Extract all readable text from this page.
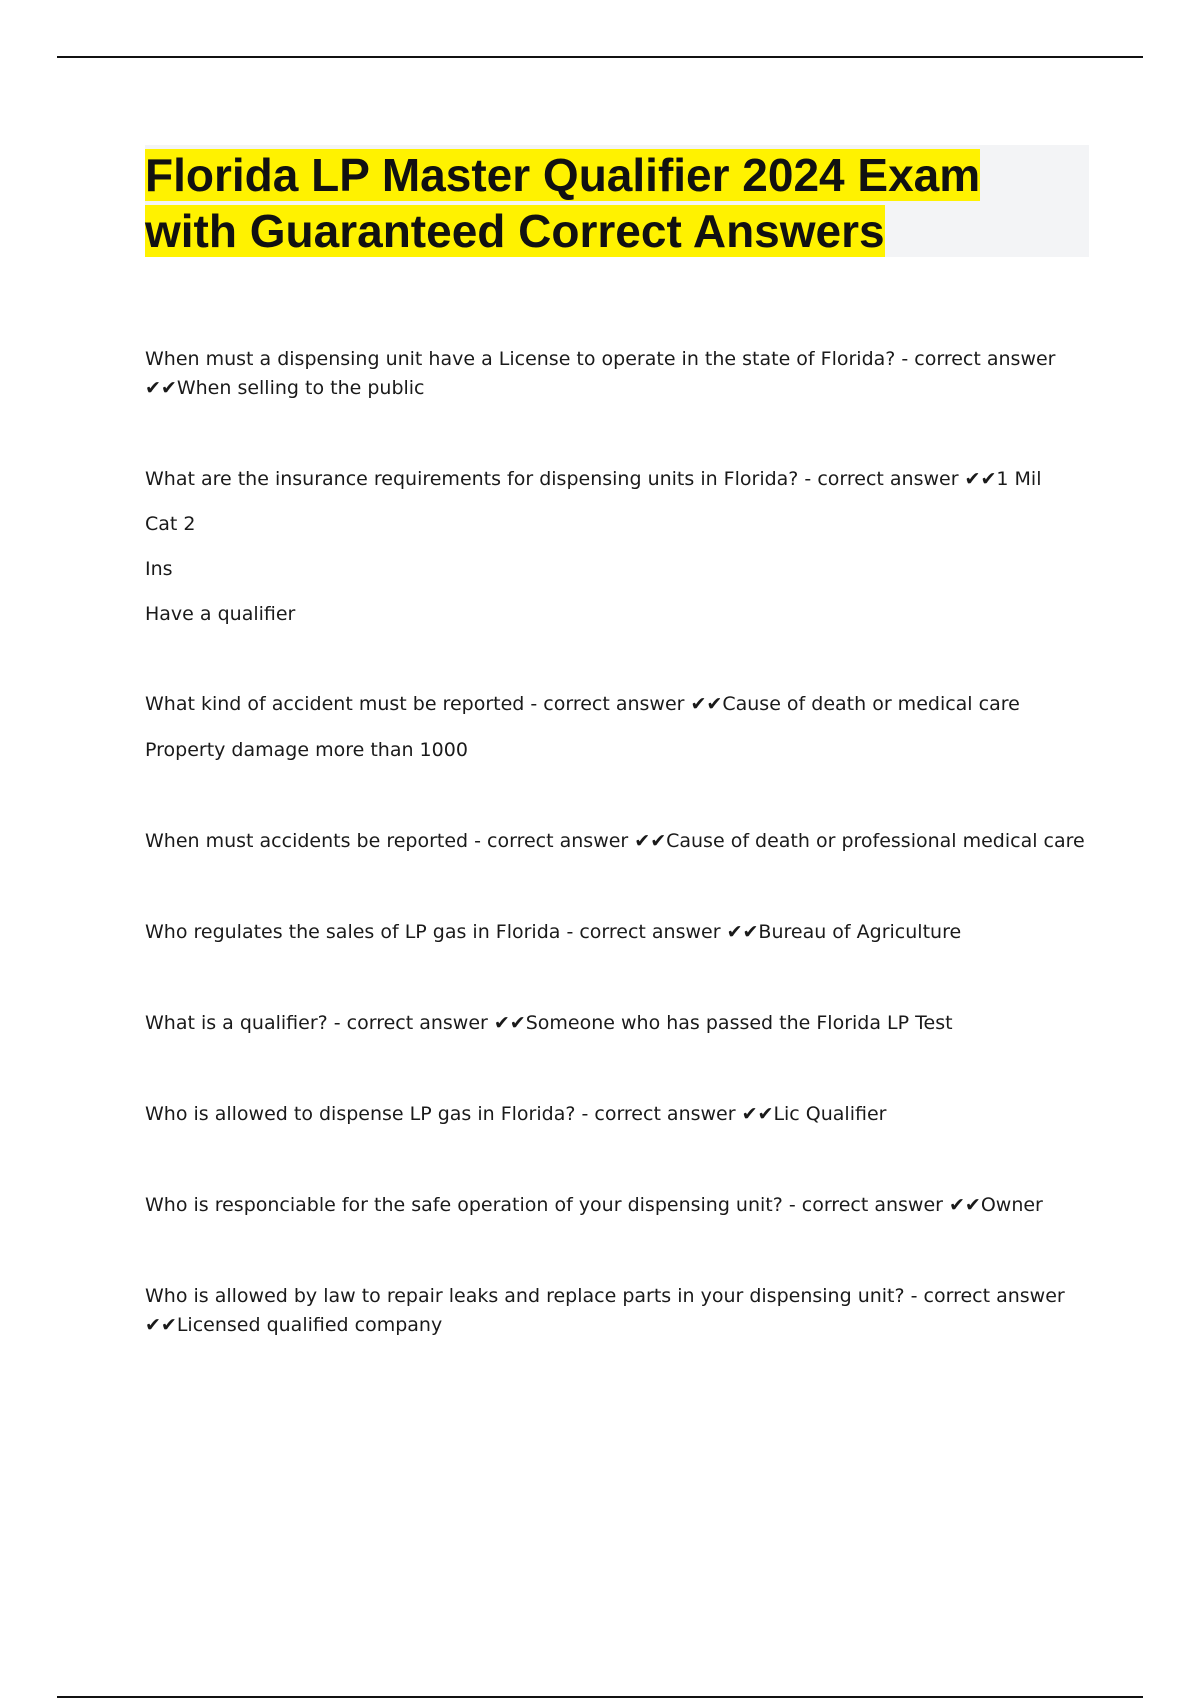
Florida LP Master Qualifier 2024 Exam
with Guaranteed Correct Answers
When must a dispensing unit have a License to operate in the state of Florida? - correct answer
✔✔When selling to the public
What are the insurance requirements for dispensing units in Florida? - correct answer ✔✔1 Mil
Cat 2
Ins
Have a qualifier
What kind of accident must be reported - correct answer ✔✔Cause of death or medical care
Property damage more than 1000
When must accidents be reported - correct answer ✔✔Cause of death or professional medical care
Who regulates the sales of LP gas in Florida - correct answer ✔✔Bureau of Agriculture
What is a qualifier? - correct answer ✔✔Someone who has passed the Florida LP Test
Who is allowed to dispense LP gas in Florida? - correct answer ✔✔Lic Qualifier
Who is responciable for the safe operation of your dispensing unit? - correct answer ✔✔Owner
Who is allowed by law to repair leaks and replace parts in your dispensing unit? - correct answer
✔✔Licensed qualified company
